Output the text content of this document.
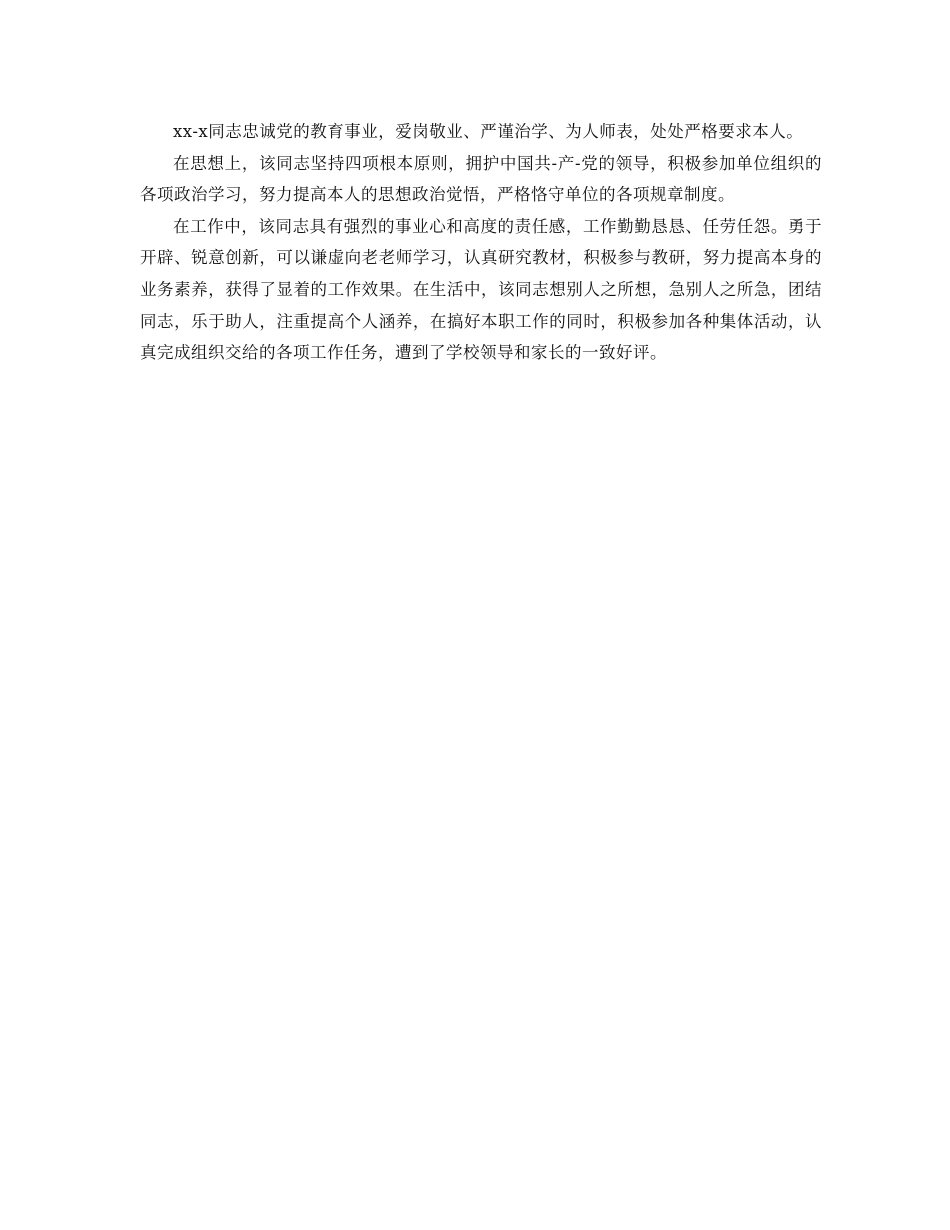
xx-x同志忠诚党的教育事业，爱岗敬业、严谨治学、为人师表，处处严格要求本人。

在思想上，该同志坚持四项根本原则，拥护中国共-产-党的领导，积极参加单位组织的各项政治学习，努力提高本人的思想政治觉悟，严格恪守单位的各项规章制度。

在工作中，该同志具有强烈的事业心和高度的责任感，工作勤勤恳恳、任劳任怨。勇于开辟、锐意创新，可以谦虚向老老师学习，认真研究教材，积极参与教研，努力提高本身的业务素养，获得了显着的工作效果。在生活中，该同志想别人之所想，急别人之所急，团结同志，乐于助人，注重提高个人涵养，在搞好本职工作的同时，积极参加各种集体活动，认真完成组织交给的各项工作任务，遭到了学校领导和家长的一致好评。
